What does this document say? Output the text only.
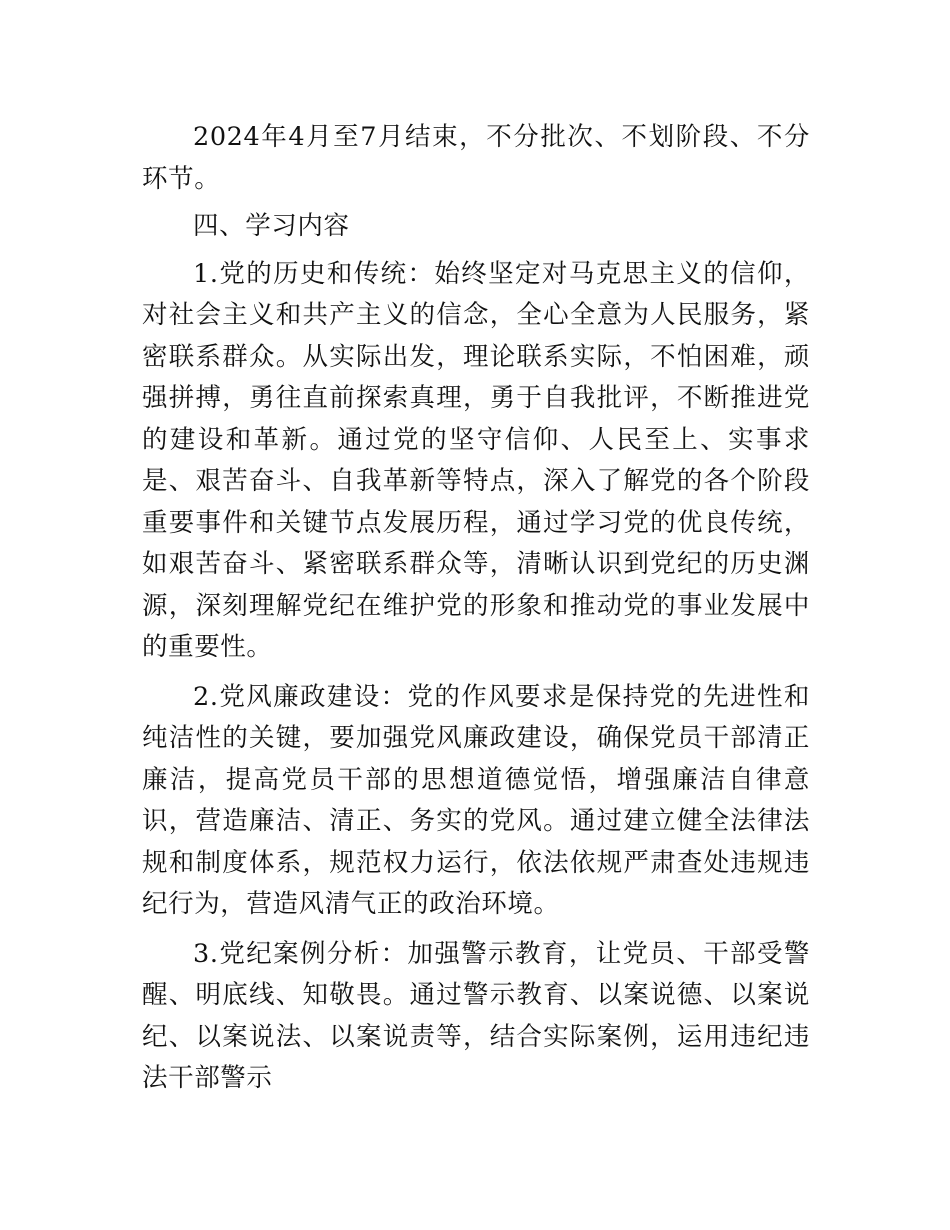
2024年4月至7月结束，不分批次、不划阶段、不分环节。

四、学习内容

1.党的历史和传统：始终坚定对马克思主义的信仰，对社会主义和共产主义的信念，全心全意为人民服务，紧密联系群众。从实际出发，理论联系实际，不怕困难，顽强拼搏，勇往直前探索真理，勇于自我批评，不断推进党的建设和革新。通过党的坚守信仰、人民至上、实事求是、艰苦奋斗、自我革新等特点，深入了解党的各个阶段重要事件和关键节点发展历程，通过学习党的优良传统，如艰苦奋斗、紧密联系群众等，清晰认识到党纪的历史渊源，深刻理解党纪在维护党的形象和推动党的事业发展中的重要性。

2.党风廉政建设：党的作风要求是保持党的先进性和纯洁性的关键，要加强党风廉政建设，确保党员干部清正廉洁，提高党员干部的思想道德觉悟，增强廉洁自律意识，营造廉洁、清正、务实的党风。通过建立健全法律法规和制度体系，规范权力运行，依法依规严肃查处违规违纪行为，营造风清气正的政治环境。

3.党纪案例分析：加强警示教育，让党员、干部受警醒、明底线、知敬畏。通过警示教育、以案说德、以案说纪、以案说法、以案说责等，结合实际案例，运用违纪违法干部警示
